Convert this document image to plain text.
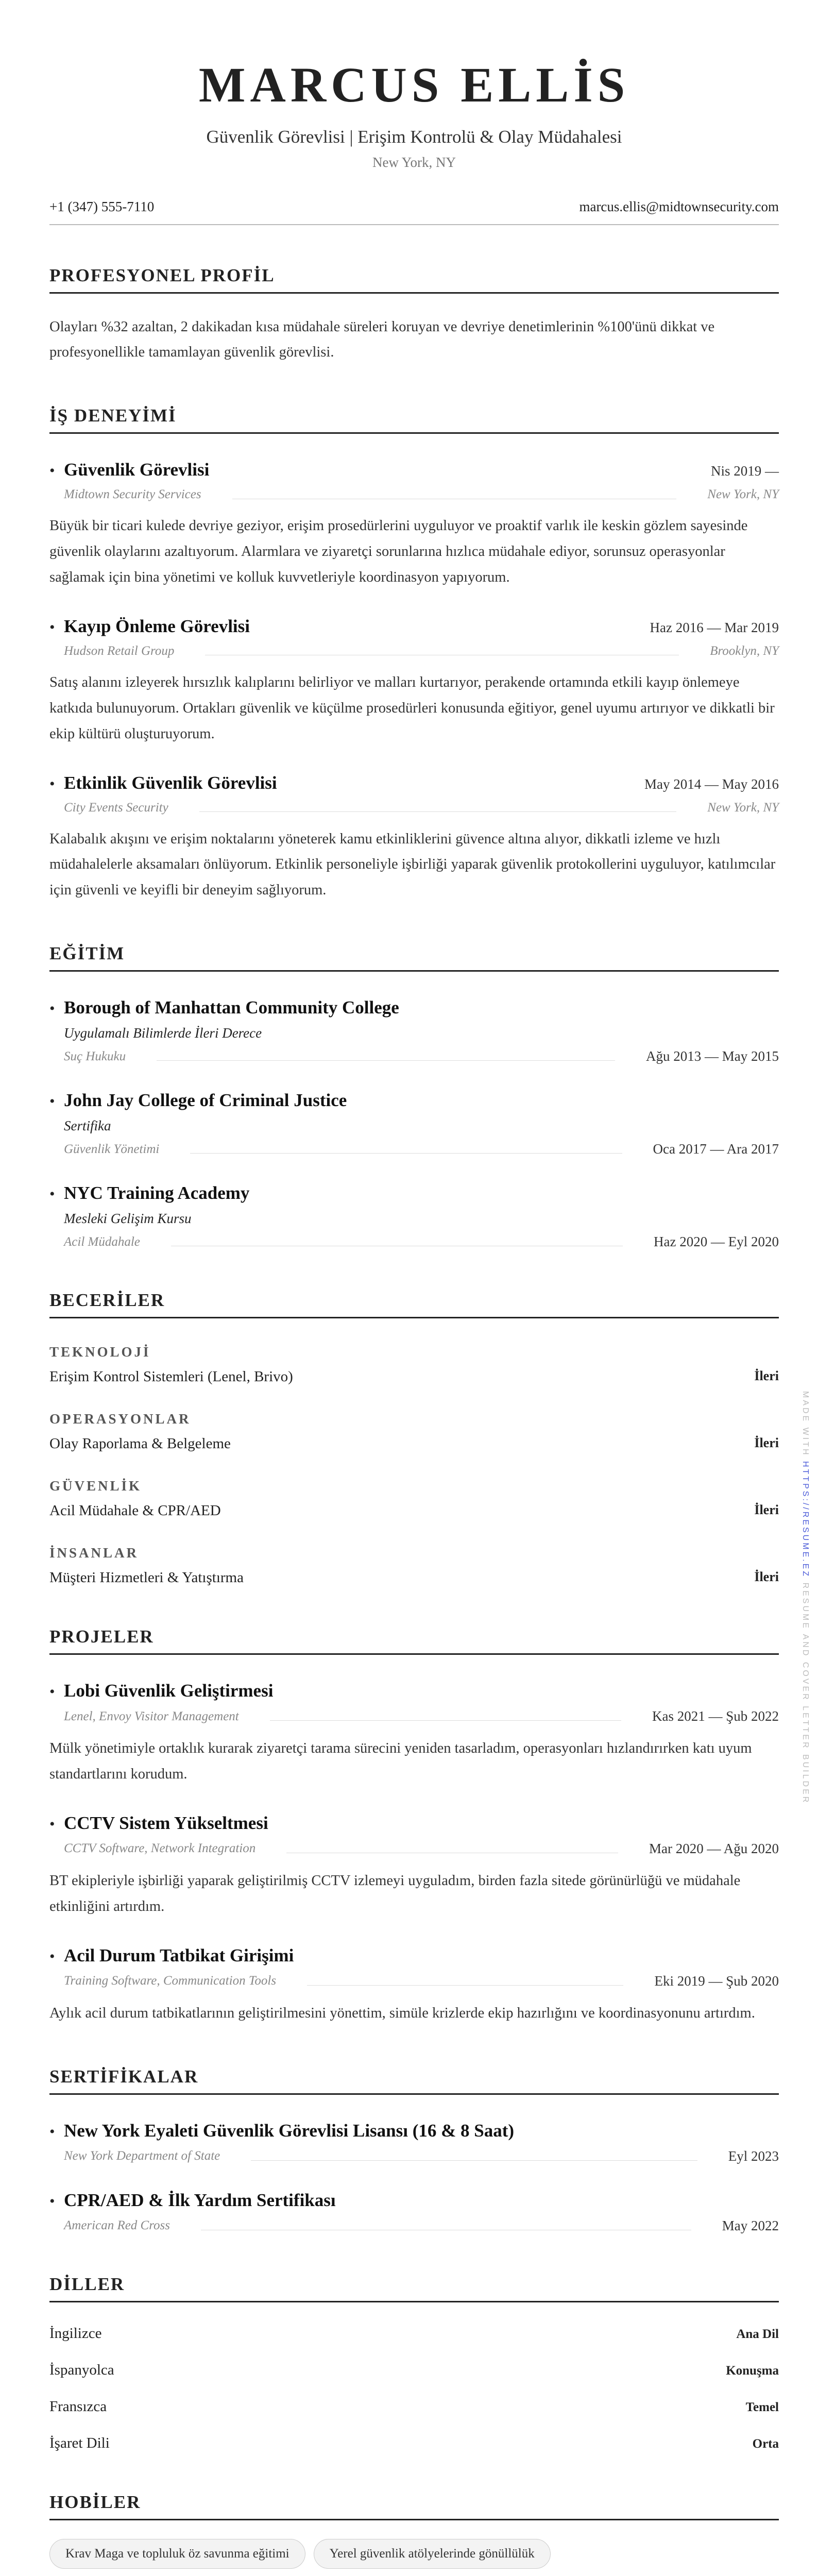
MARCUS ELLİS
Güvenlik Görevlisi | Erişim Kontrolü & Olay Müdahalesi
New York, NY
+1 (347) 555-7110	marcus.ellis@midtownsecurity.com
PROFESYONEL PROFİL
Olayları %32 azaltan, 2 dakikadan kısa müdahale süreleri koruyan ve devriye denetimlerinin %100'ünü dikkat ve profesyonellikle tamamlayan güvenlik görevlisi.
İŞ DENEYİMİ
• Güvenlik Görevlisi	Nis 2019 —
Midtown Security Services	New York, NY
Büyük bir ticari kulede devriye geziyor, erişim prosedürlerini uyguluyor ve proaktif varlık ile keskin gözlem sayesinde güvenlik olaylarını azaltıyorum. Alarmlara ve ziyaretçi sorunlarına hızlıca müdahale ediyor, sorunsuz operasyonlar sağlamak için bina yönetimi ve kolluk kuvvetleriyle koordinasyon yapıyorum.
• Kayıp Önleme Görevlisi	Haz 2016 — Mar 2019
Hudson Retail Group	Brooklyn, NY
Satış alanını izleyerek hırsızlık kalıplarını belirliyor ve malları kurtarıyor, perakende ortamında etkili kayıp önlemeye katkıda bulunuyorum. Ortakları güvenlik ve küçülme prosedürleri konusunda eğitiyor, genel uyumu artırıyor ve dikkatli bir ekip kültürü oluşturuyorum.
• Etkinlik Güvenlik Görevlisi	May 2014 — May 2016
City Events Security	New York, NY
Kalabalık akışını ve erişim noktalarını yöneterek kamu etkinliklerini güvence altına alıyor, dikkatli izleme ve hızlı müdahalelerle aksamaları önlüyorum. Etkinlik personeliyle işbirliği yaparak güvenlik protokollerini uyguluyor, katılımcılar için güvenli ve keyifli bir deneyim sağlıyorum.
EĞİTİM
• Borough of Manhattan Community College
Uygulamalı Bilimlerde İleri Derece
Suç Hukuku	Ağu 2013 — May 2015
• John Jay College of Criminal Justice
Sertifika
Güvenlik Yönetimi	Oca 2017 — Ara 2017
• NYC Training Academy
Mesleki Gelişim Kursu
Acil Müdahale	Haz 2020 — Eyl 2020
BECERİLER
TEKNOLOJİ
Erişim Kontrol Sistemleri (Lenel, Brivo)	İleri
OPERASYONLAR
Olay Raporlama & Belgeleme	İleri
GÜVENLİK
Acil Müdahale & CPR/AED	İleri
İNSANLAR
Müşteri Hizmetleri & Yatıştırma	İleri
PROJELER
• Lobi Güvenlik Geliştirmesi
Lenel, Envoy Visitor Management	Kas 2021 — Şub 2022
Mülk yönetimiyle ortaklık kurarak ziyaretçi tarama sürecini yeniden tasarladım, operasyonları hızlandırırken katı uyum standartlarını korudum.
• CCTV Sistem Yükseltmesi
CCTV Software, Network Integration	Mar 2020 — Ağu 2020
BT ekipleriyle işbirliği yaparak geliştirilmiş CCTV izlemeyi uyguladım, birden fazla sitede görünürlüğü ve müdahale etkinliğini artırdım.
• Acil Durum Tatbikat Girişimi
Training Software, Communication Tools	Eki 2019 — Şub 2020
Aylık acil durum tatbikatlarının geliştirilmesini yönettim, simüle krizlerde ekip hazırlığını ve koordinasyonunu artırdım.
SERTİFİKALAR
• New York Eyaleti Güvenlik Görevlisi Lisansı (16 & 8 Saat)
New York Department of State	Eyl 2023
• CPR/AED & İlk Yardım Sertifikası
American Red Cross	May 2022
DİLLER
İngilizce	Ana Dil
İspanyolca	Konuşma
Fransızca	Temel
İşaret Dili	Orta
HOBİLER
Krav Maga ve topluluk öz savunma eğitimi	Yerel güvenlik atölyelerinde gönüllülük
MADE WITH HTTPS://RESUME.EZ RESUME AND COVER LETTER BUILDER
